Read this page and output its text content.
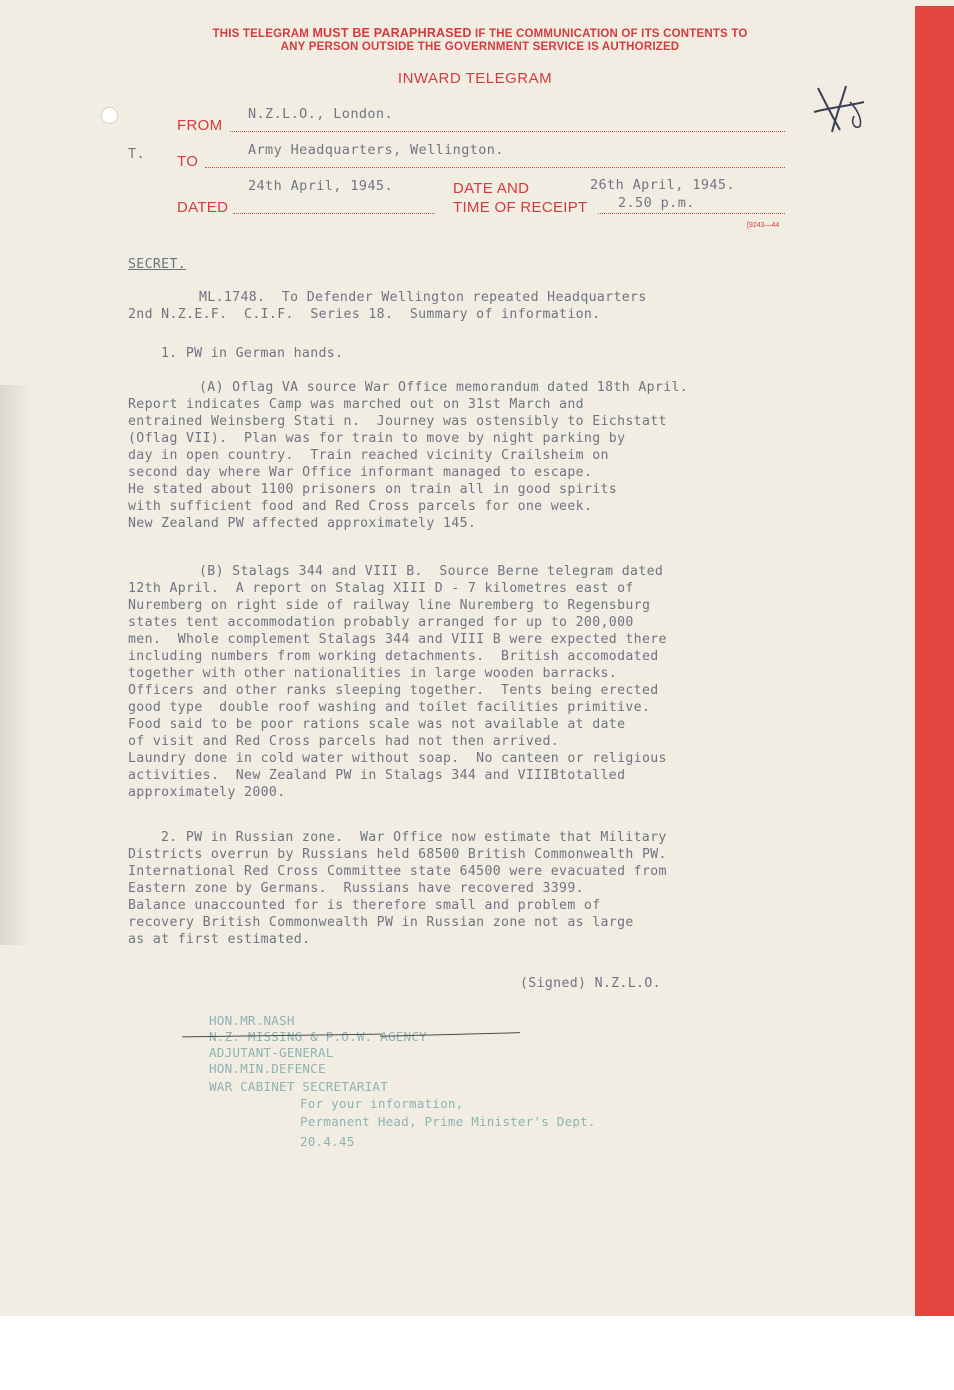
THIS TELEGRAM MUST BE PARAPHRASED IF THE COMMUNICATION OF ITS CONTENTS TO
ANY PERSON OUTSIDE THE GOVERNMENT SERVICE IS AUTHORIZED
INWARD TELEGRAM
FROM
N.Z.L.O., London.
T. TO
Army Headquarters, Wellington.
24th April, 1945.
DATED
DATE AND
TIME OF RECEIPT
26th April, 1945.
2.50 p.m.
[9243—44
SECRET.
ML.1748.  To Defender Wellington repeated Headquarters
2nd N.Z.E.F.  C.I.F.  Series 18.  Summary of information.
1. PW in German hands.
(A) Oflag VA source War Office memorandum dated 18th April.
Report indicates Camp was marched out on 31st March and
entrained Weinsberg Stati n.  Journey was ostensibly to Eichstatt
(Oflag VII).  Plan was for train to move by night parking by
day in open country.  Train reached vicinity Crailsheim on
second day where War Office informant managed to escape.
He stated about 1100 prisoners on train all in good spirits
with sufficient food and Red Cross parcels for one week.
New Zealand PW affected approximately 145.
(B) Stalags 344 and VIII B.  Source Berne telegram dated
12th April.  A report on Stalag XIII D - 7 kilometres east of
Nuremberg on right side of railway line Nuremberg to Regensburg
states tent accommodation probably arranged for up to 200,000
men.  Whole complement Stalags 344 and VIII B were expected there
including numbers from working detachments.  British accomodated
together with other nationalities in large wooden barracks.
Officers and other ranks sleeping together.  Tents being erected
good type  double roof washing and toilet facilities primitive.
Food said to be poor rations scale was not available at date
of visit and Red Cross parcels had not then arrived.
Laundry done in cold water without soap.  No canteen or religious
activities.  New Zealand PW in Stalags 344 and VIIIBtotalled
approximately 2000.
2. PW in Russian zone.  War Office now estimate that Military
Districts overrun by Russians held 68500 British Commonwealth PW.
International Red Cross Committee state 64500 were evacuated from
Eastern zone by Germans.  Russians have recovered 3399.
Balance unaccounted for is therefore small and problem of
recovery British Commonwealth PW in Russian zone not as large
as at first estimated.
(Signed) N.Z.L.O.
HON.MR.NASH
N.Z. MISSING & P.O.W. AGENCY
ADJUTANT-GENERAL
HON.MIN.DEFENCE
WAR CABINET SECRETARIAT
For your information,
Permanent Head, Prime Minister's Dept.
20.4.45
